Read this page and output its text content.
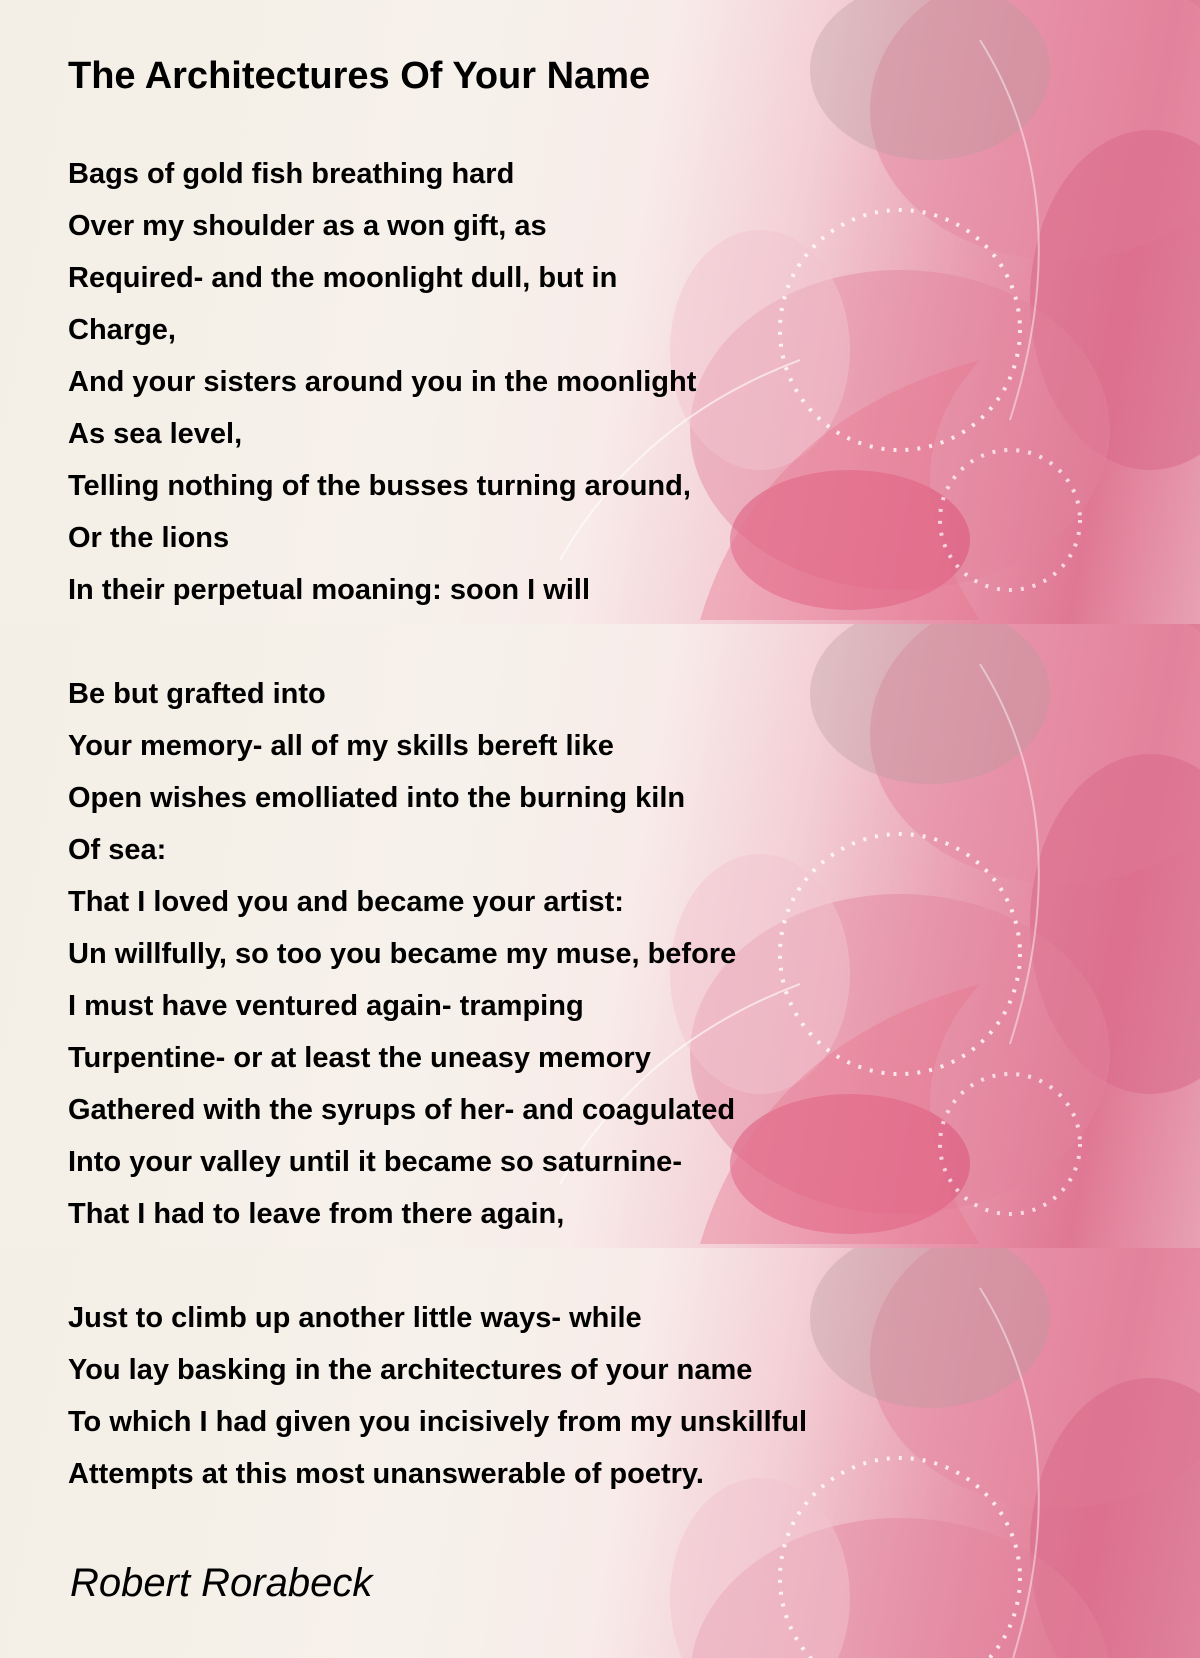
The Architectures Of Your Name
Bags of gold fish breathing hard
Over my shoulder as a won gift, as
Required- and the moonlight dull, but in
Charge,
And your sisters around you in the moonlight
As sea level,
Telling nothing of the busses turning around,
Or the lions
In their perpetual moaning: soon I will
Be but grafted into
Your memory- all of my skills bereft like
Open wishes emolliated into the burning kiln
Of sea:
That I loved you and became your artist:
Un willfully, so too you became my muse, before
I must have ventured again- tramping
Turpentine- or at least the uneasy memory
Gathered with the syrups of her- and coagulated
Into your valley until it became so saturnine-
That I had to leave from there again,
Just to climb up another little ways- while
You lay basking in the architectures of your name
To which I had given you incisively from my unskillful
Attempts at this most unanswerable of poetry.
Robert Rorabeck
